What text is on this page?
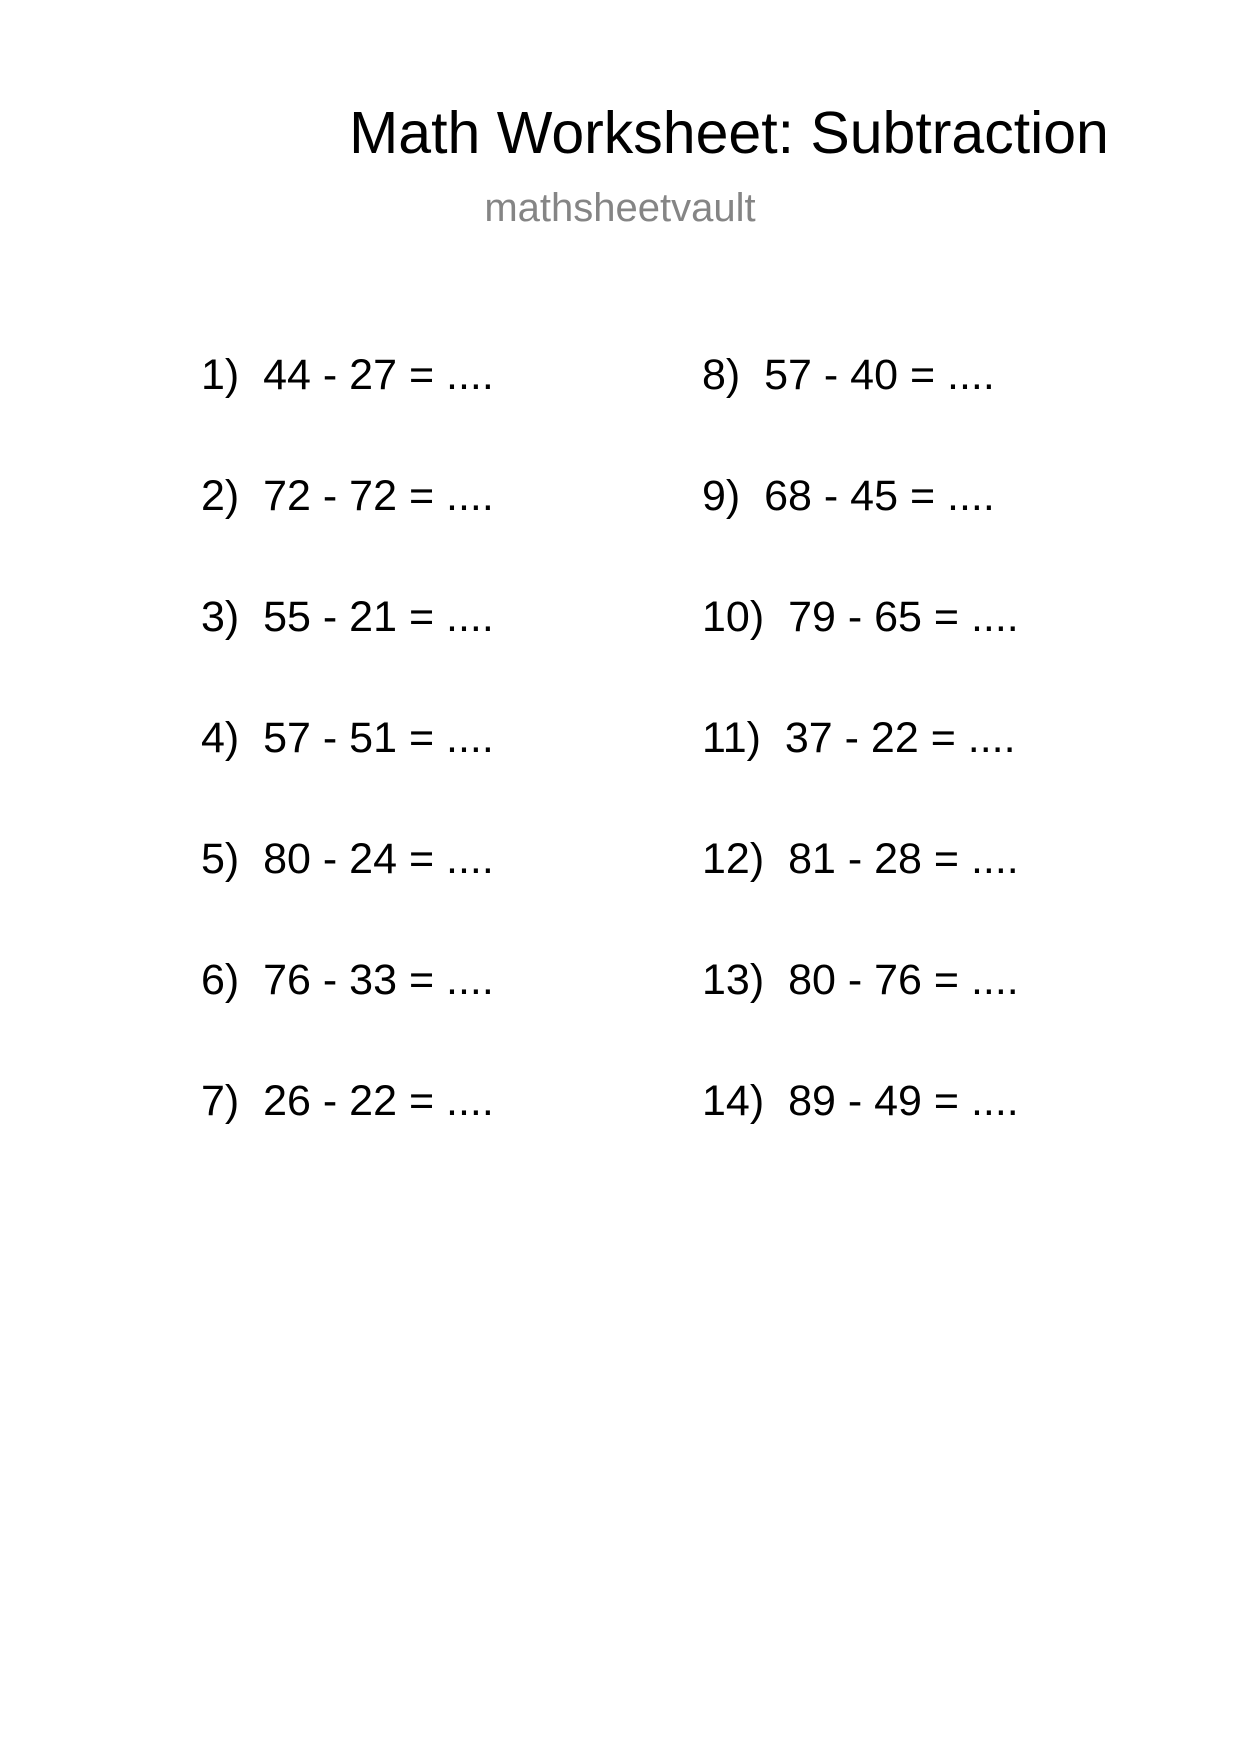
Math Worksheet: Subtraction
mathsheetvault
1) 44 - 27 = ....
2) 72 - 72 = ....
3) 55 - 21 = ....
4) 57 - 51 = ....
5) 80 - 24 = ....
6) 76 - 33 = ....
7) 26 - 22 = ....
8) 57 - 40 = ....
9) 68 - 45 = ....
10) 79 - 65 = ....
11) 37 - 22 = ....
12) 81 - 28 = ....
13) 80 - 76 = ....
14) 89 - 49 = ....
